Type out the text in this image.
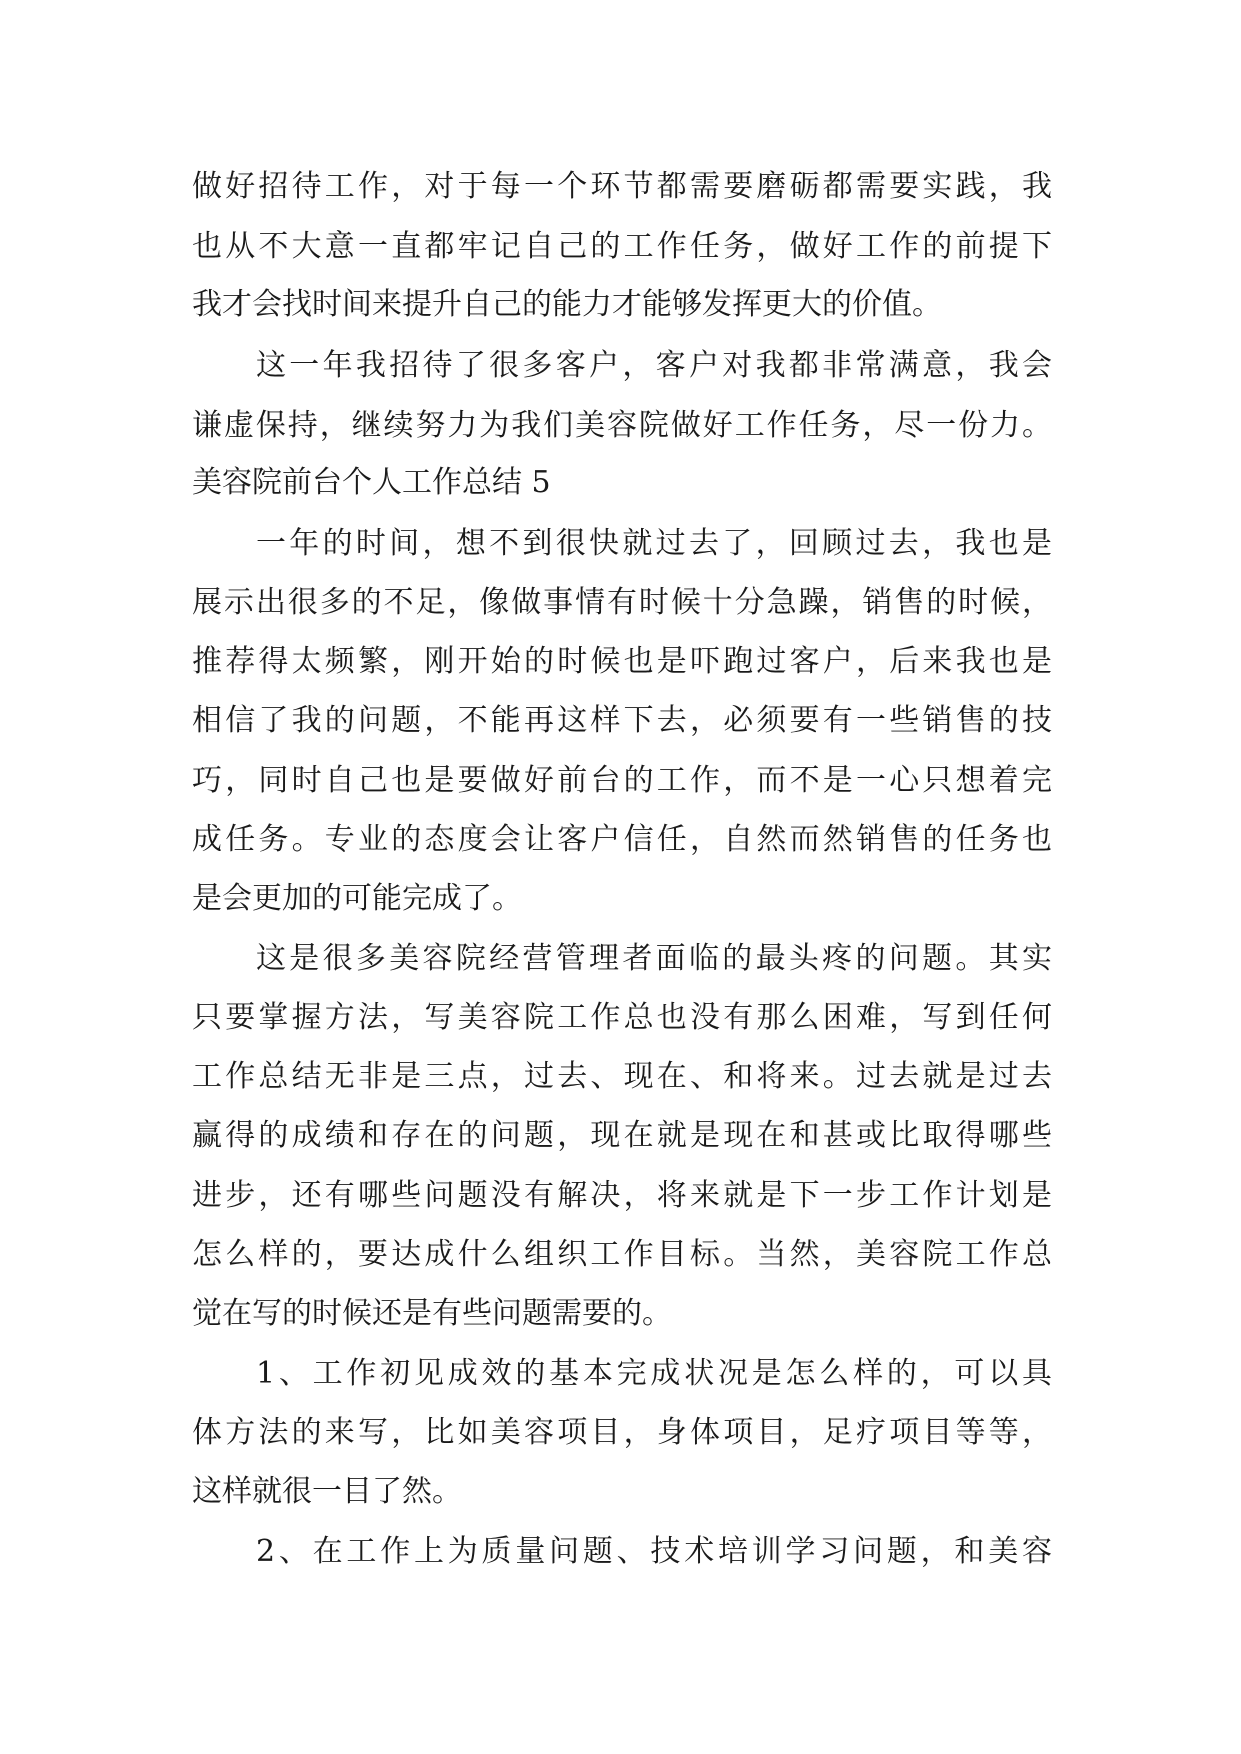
做好招待工作，对于每一个环节都需要磨砺都需要实践，我
也从不大意一直都牢记自己的工作任务，做好工作的前提下
我才会找时间来提升自己的能力才能够发挥更大的价值。
这一年我招待了很多客户，客户对我都非常满意，我会
谦虚保持，继续努力为我们美容院做好工作任务，尽一份力。
美容院前台个人工作总结 5
一年的时间，想不到很快就过去了，回顾过去，我也是
展示出很多的不足，像做事情有时候十分急躁，销售的时候，
推荐得太频繁，刚开始的时候也是吓跑过客户，后来我也是
相信了我的问题，不能再这样下去，必须要有一些销售的技
巧，同时自己也是要做好前台的工作，而不是一心只想着完
成任务。专业的态度会让客户信任，自然而然销售的任务也
是会更加的可能完成了。
这是很多美容院经营管理者面临的最头疼的问题。其实
只要掌握方法，写美容院工作总也没有那么困难，写到任何
工作总结无非是三点，过去、现在、和将来。过去就是过去
赢得的成绩和存在的问题，现在就是现在和甚或比取得哪些
进步，还有哪些问题没有解决，将来就是下一步工作计划是
怎么样的，要达成什么组织工作目标。当然，美容院工作总
觉在写的时候还是有些问题需要的。
1、工作初见成效的基本完成状况是怎么样的，可以具
体方法的来写，比如美容项目，身体项目，足疗项目等等，
这样就很一目了然。
2、在工作上为质量问题、技术培训学习问题，和美容
